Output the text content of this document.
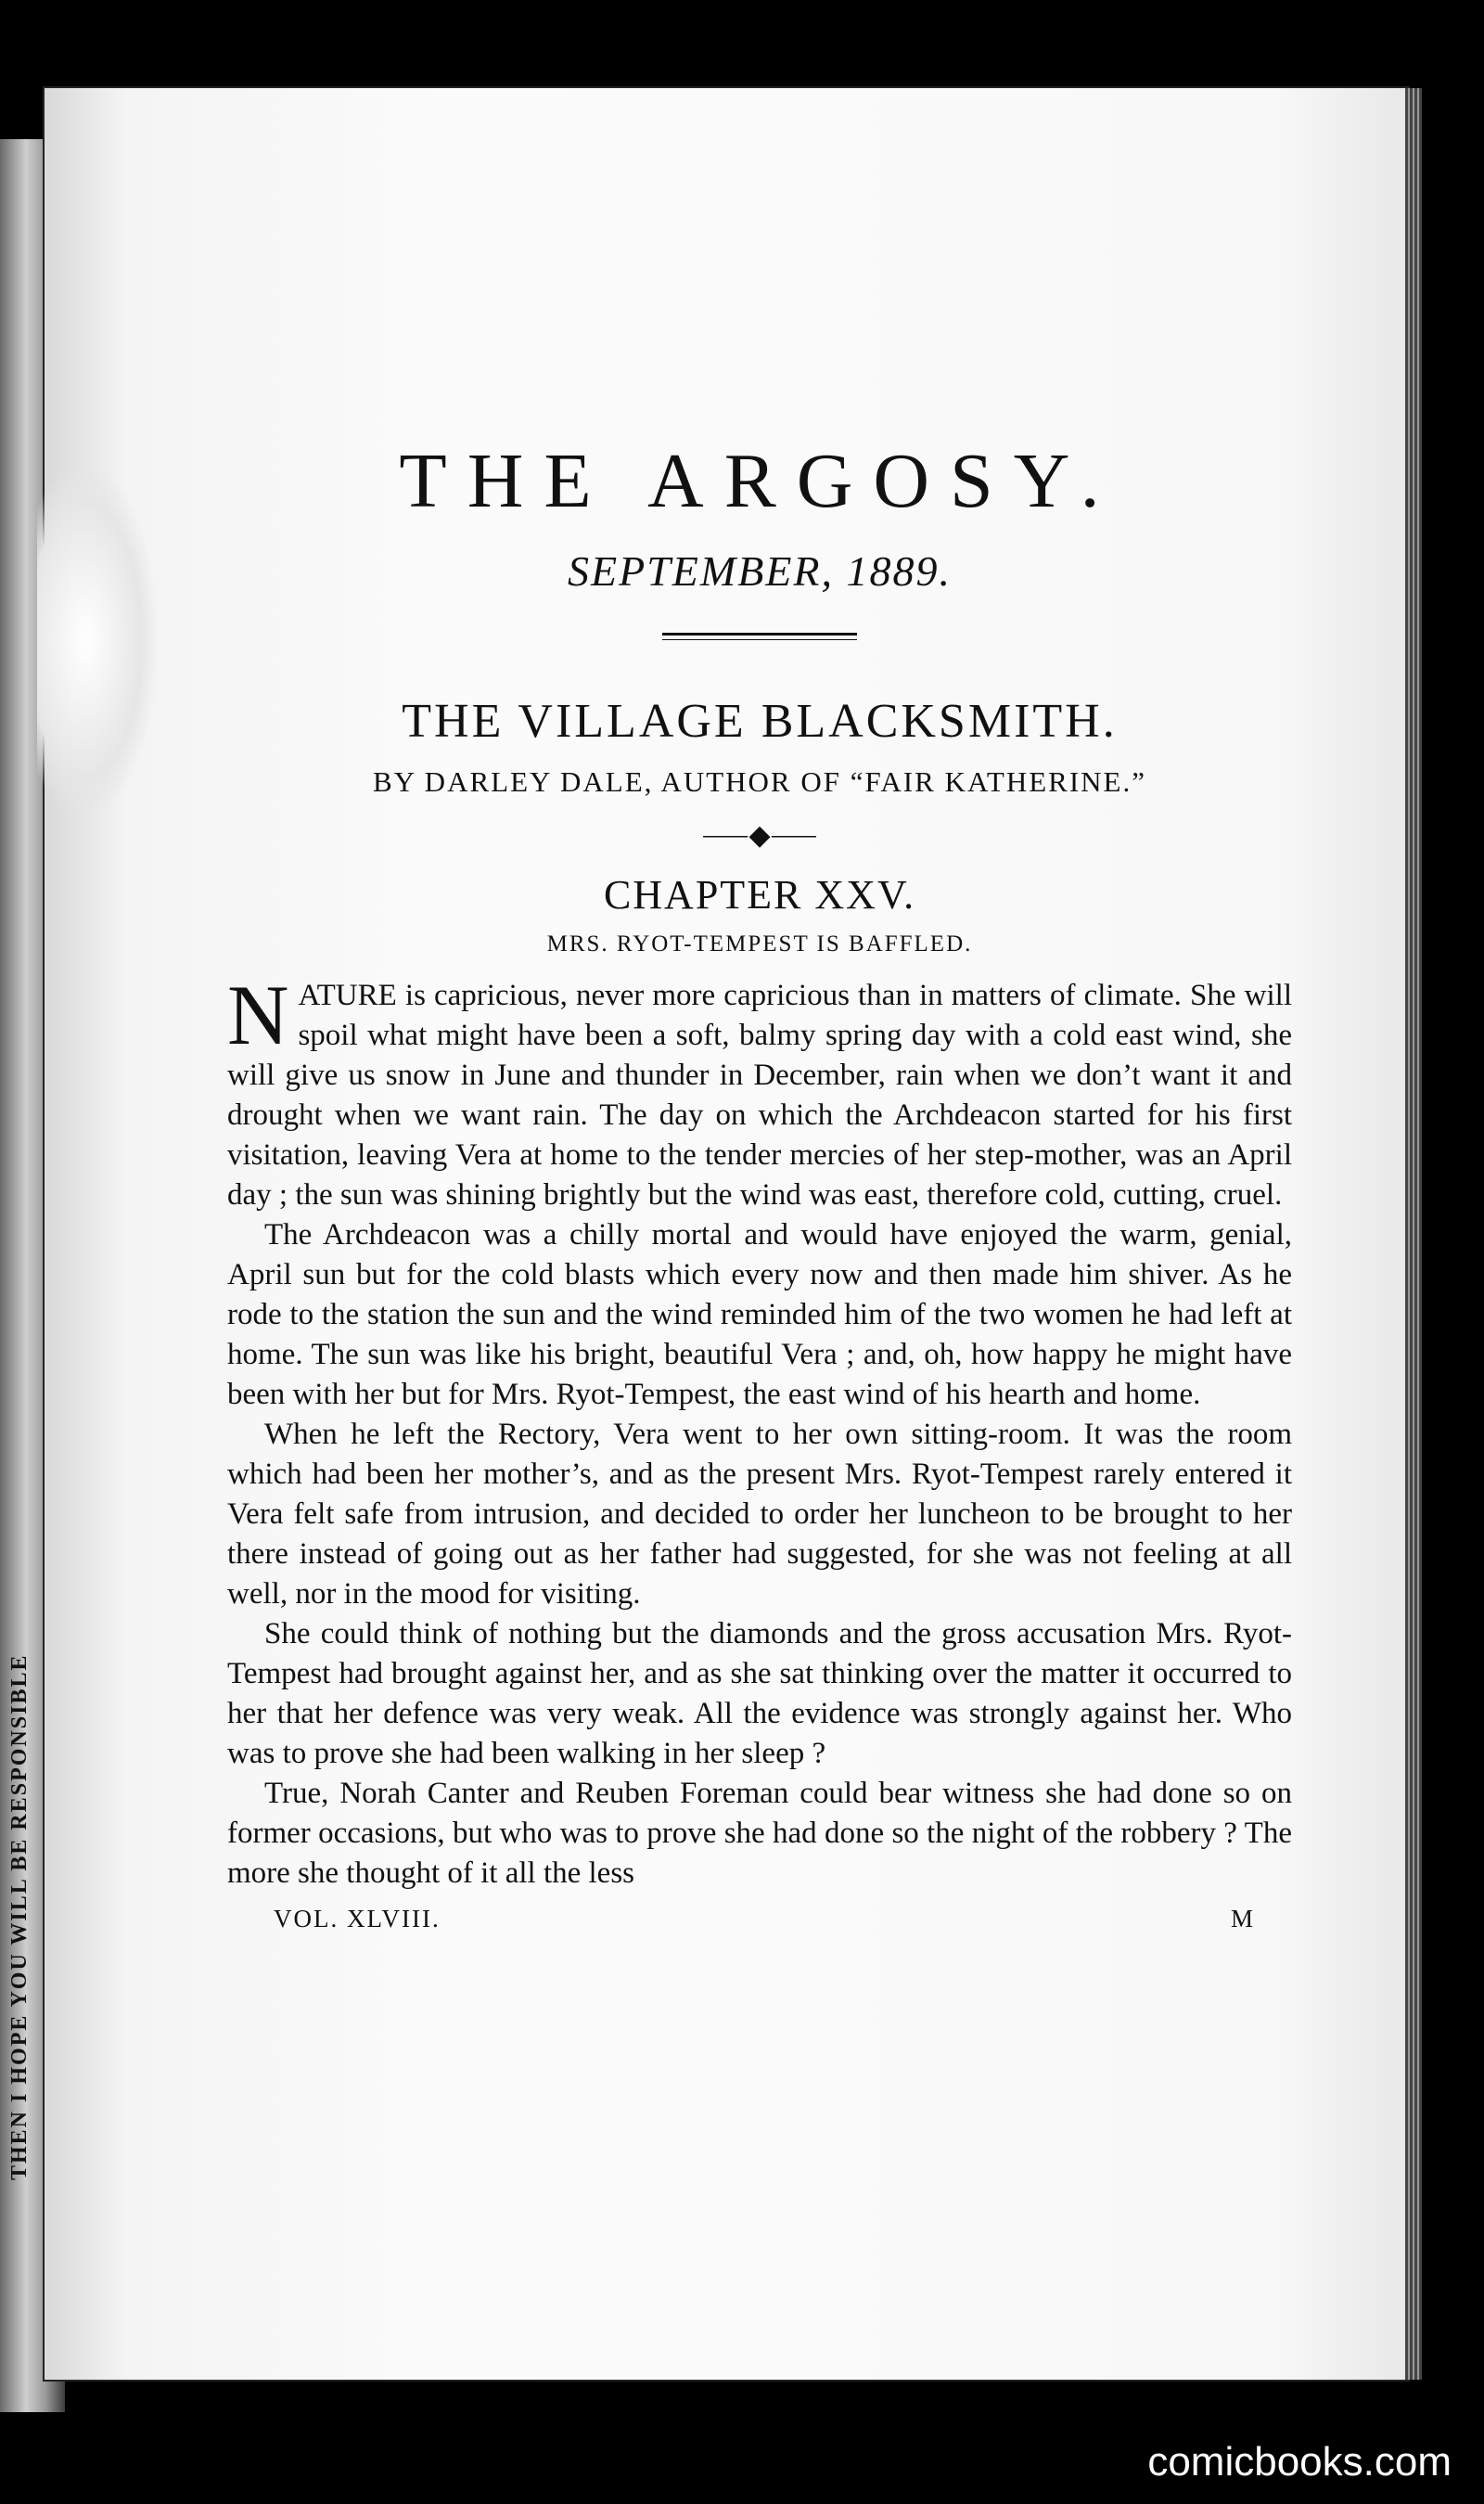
THEN I HOPE YOU WILL BE RESPONSIBLE
THE ARGOSY.
SEPTEMBER, 1889.
THE VILLAGE BLACKSMITH.
BY DARLEY DALE, AUTHOR OF “FAIR KATHERINE.”
⸺◆⸺
CHAPTER XXV.
MRS. RYOT-TEMPEST IS BAFFLED.

NATURE is capricious, never more capricious than in matters of climate. She will spoil what might have been a soft, balmy spring day with a cold east wind, she will give us snow in June and thunder in December, rain when we don’t want it and drought when we want rain. The day on which the Archdeacon started for his first visitation, leaving Vera at home to the tender mercies of her step-mother, was an April day ; the sun was shining brightly but the wind was east, therefore cold, cutting, cruel.

The Archdeacon was a chilly mortal and would have enjoyed the warm, genial, April sun but for the cold blasts which every now and then made him shiver. As he rode to the station the sun and the wind reminded him of the two women he had left at home. The sun was like his bright, beautiful Vera ; and, oh, how happy he might have been with her but for Mrs. Ryot-Tempest, the east wind of his hearth and home.

When he left the Rectory, Vera went to her own sitting-room. It was the room which had been her mother’s, and as the present Mrs. Ryot-Tempest rarely entered it Vera felt safe from intrusion, and decided to order her luncheon to be brought to her there instead of going out as her father had suggested, for she was not feeling at all well, nor in the mood for visiting.

She could think of nothing but the diamonds and the gross accusation Mrs. Ryot-Tempest had brought against her, and as she sat thinking over the matter it occurred to her that her defence was very weak. All the evidence was strongly against her. Who was to prove she had been walking in her sleep ?

True, Norah Canter and Reuben Foreman could bear witness she had done so on former occasions, but who was to prove she had done so the night of the robbery ? The more she thought of it all the less

VOL. XLVIII.	M
comicbooks.com
